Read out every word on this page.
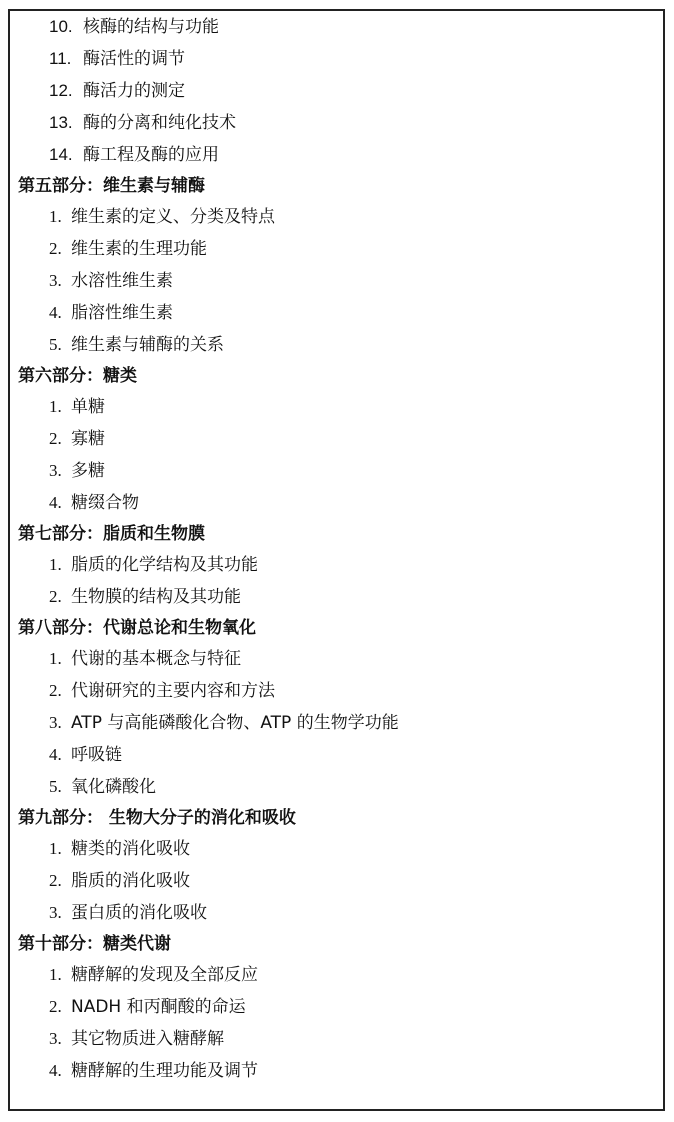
10. 核酶的结构与功能
11. 酶活性的调节
12. 酶活力的测定
13. 酶的分离和纯化技术
14. 酶工程及酶的应用
第五部分：维生素与辅酶
1. 维生素的定义、分类及特点
2. 维生素的生理功能
3. 水溶性维生素
4. 脂溶性维生素
5. 维生素与辅酶的关系
第六部分：糖类
1. 单糖
2. 寡糖
3. 多糖
4. 糖缀合物
第七部分：脂质和生物膜
1. 脂质的化学结构及其功能
2. 生物膜的结构及其功能
第八部分：代谢总论和生物氧化
1. 代谢的基本概念与特征
2. 代谢研究的主要内容和方法
3. ATP 与高能磷酸化合物、ATP 的生物学功能
4. 呼吸链
5. 氧化磷酸化
第九部分： 生物大分子的消化和吸收
1. 糖类的消化吸收
2. 脂质的消化吸收
3. 蛋白质的消化吸收
第十部分：糖类代谢
1. 糖酵解的发现及全部反应
2. NADH 和丙酮酸的命运
3. 其它物质进入糖酵解
4. 糖酵解的生理功能及调节
